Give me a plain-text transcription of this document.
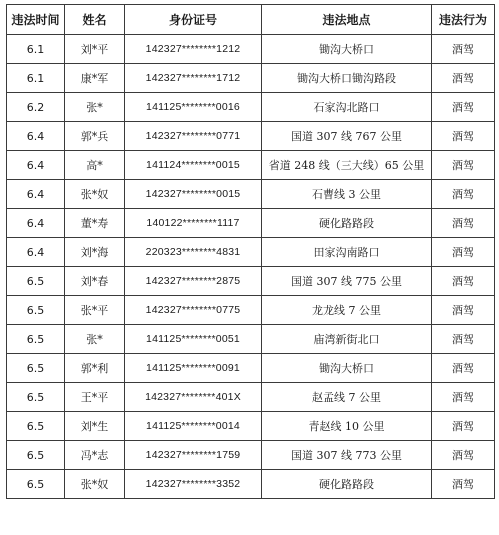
违法时间	姓名	身份证号	违法地点	违法行为
6.1	刘*平	142327********1212	锄沟大桥口	酒驾
6.1	康*军	142327********1712	锄沟大桥口锄沟路段	酒驾
6.2	张*	141125********0016	石家沟北路口	酒驾
6.4	郭*兵	142327********0771	国道 307 线 767 公里	酒驾
6.4	高*	141124********0015	省道 248 线（三大线）65 公里	酒驾
6.4	张*奴	142327********0015	石曹线 3 公里	酒驾
6.4	董*寿	140122********1117	硬化路路段	酒驾
6.4	刘*海	220323********4831	田家沟南路口	酒驾
6.5	刘*春	142327********2875	国道 307 线 775 公里	酒驾
6.5	张*平	142327********0775	龙龙线 7 公里	酒驾
6.5	张*	141125********0051	庙湾新街北口	酒驾
6.5	郭*利	141125********0091	锄沟大桥口	酒驾
6.5	王*平	142327********401X	赵孟线 7 公里	酒驾
6.5	刘*生	141125********0014	青赵线 10 公里	酒驾
6.5	冯*志	142327********1759	国道 307 线 773 公里	酒驾
6.5	张*奴	142327********3352	硬化路路段	酒驾
